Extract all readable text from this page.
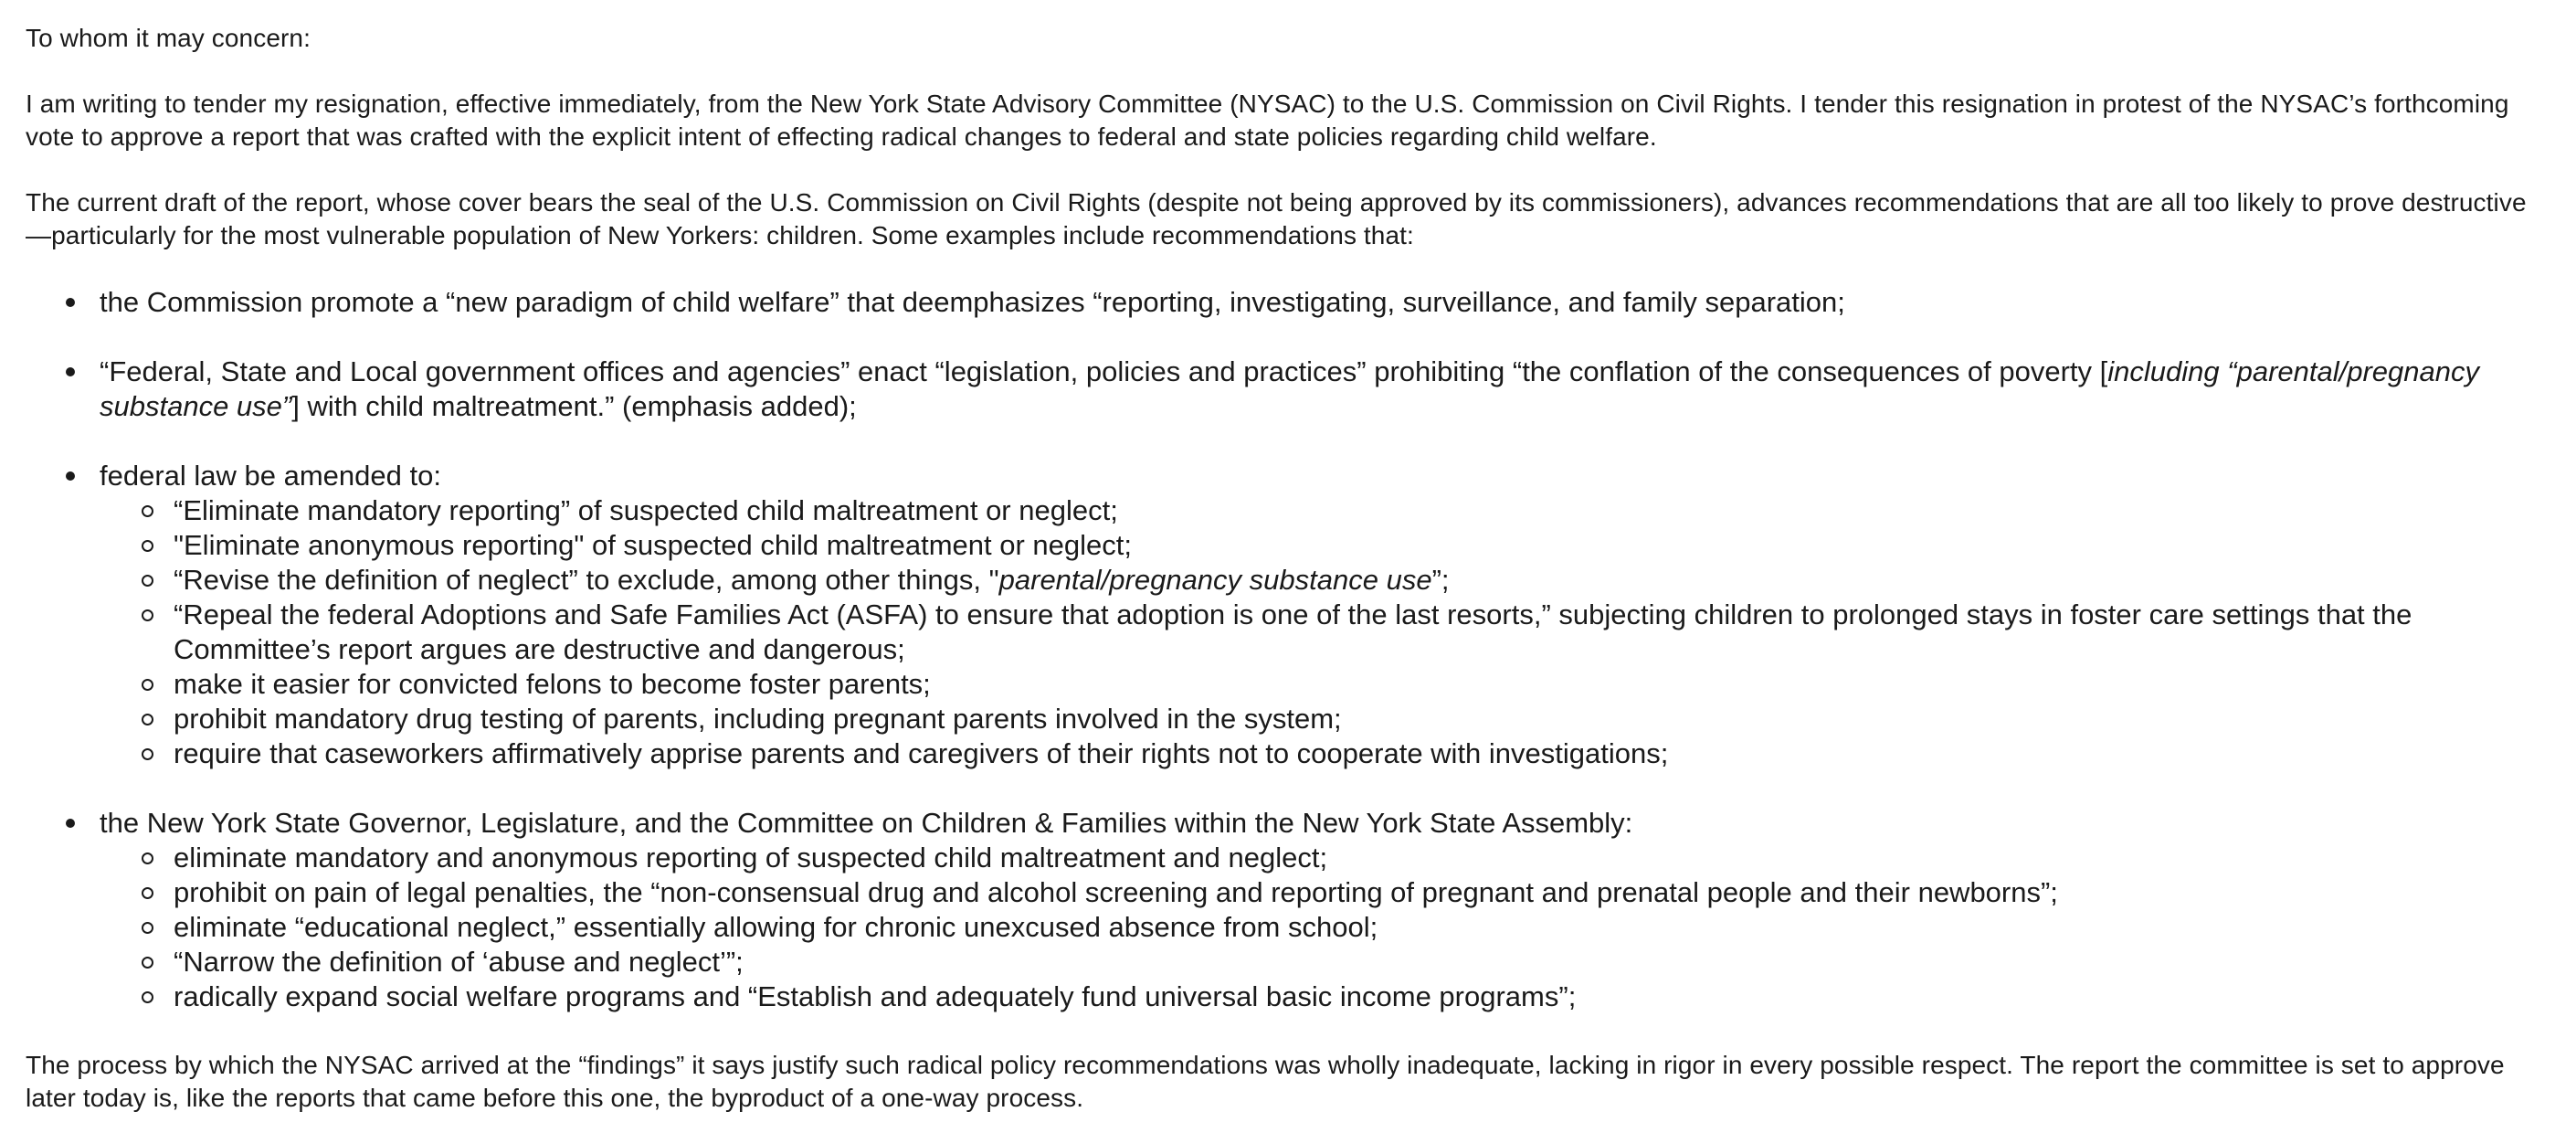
To whom it may concern:

I am writing to tender my resignation, effective immediately, from the New York State Advisory Committee (NYSAC) to the U.S. Commission on Civil Rights. I tender this resignation in protest of the NYSAC’s forthcoming vote to approve a report that was crafted with the explicit intent of effecting radical changes to federal and state policies regarding child welfare.

The current draft of the report, whose cover bears the seal of the U.S. Commission on Civil Rights (despite not being approved by its commissioners), advances recommendations that are all too likely to prove destructive—particularly for the most vulnerable population of New Yorkers: children. Some examples include recommendations that:

the Commission promote a “new paradigm of child welfare” that deemphasizes “reporting, investigating, surveillance, and family separation;
“Federal, State and Local government offices and agencies” enact “legislation, policies and practices” prohibiting “the conflation of the consequences of poverty [including “parental/pregnancy substance use”] with child maltreatment.” (emphasis added);
federal law be amended to:
“Eliminate mandatory reporting” of suspected child maltreatment or neglect;
"Eliminate anonymous reporting" of suspected child maltreatment or neglect;
“Revise the definition of neglect” to exclude, among other things, "parental/pregnancy substance use”;
“Repeal the federal Adoptions and Safe Families Act (ASFA) to ensure that adoption is one of the last resorts,” subjecting children to prolonged stays in foster care settings that the Committee’s report argues are destructive and dangerous;
make it easier for convicted felons to become foster parents;
prohibit mandatory drug testing of parents, including pregnant parents involved in the system;
require that caseworkers affirmatively apprise parents and caregivers of their rights not to cooperate with investigations;
the New York State Governor, Legislature, and the Committee on Children & Families within the New York State Assembly:
eliminate mandatory and anonymous reporting of suspected child maltreatment and neglect;
prohibit on pain of legal penalties, the “non-consensual drug and alcohol screening and reporting of pregnant and prenatal people and their newborns”;
eliminate “educational neglect,” essentially allowing for chronic unexcused absence from school;
“Narrow the definition of ‘abuse and neglect’”;
radically expand social welfare programs and “Establish and adequately fund universal basic income programs”;

The process by which the NYSAC arrived at the “findings” it says justify such radical policy recommendations was wholly inadequate, lacking in rigor in every possible respect. The report the committee is set to approve later today is, like the reports that came before this one, the byproduct of a one-way process.
